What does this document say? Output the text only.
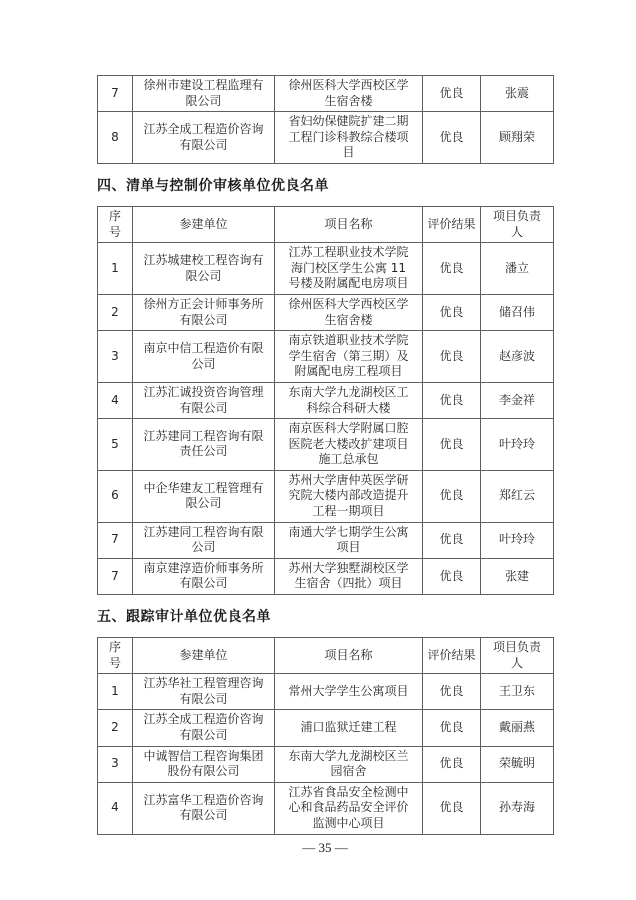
7	徐州市建设工程监理有限公司	徐州医科大学西校区学生宿舍楼	优良	张震
8	江苏全成工程造价咨询有限公司	省妇幼保健院扩建二期工程门诊科教综合楼项目	优良	顾翔荣
四、清单与控制价审核单位优良名单
序号	参建单位	项目名称	评价结果	项目负责人
1	江苏城建校工程咨询有限公司	江苏工程职业技术学院海门校区学生公寓 11 号楼及附属配电房项目	优良	潘立
2	徐州方正会计师事务所有限公司	徐州医科大学西校区学生宿舍楼	优良	储召伟
3	南京中信工程造价有限公司	南京铁道职业技术学院学生宿舍（第三期）及附属配电房工程项目	优良	赵彦波
4	江苏汇诚投资咨询管理有限公司	东南大学九龙湖校区工科综合科研大楼	优良	李金祥
5	江苏建同工程咨询有限责任公司	南京医科大学附属口腔医院老大楼改扩建项目施工总承包	优良	叶玲玲
6	中企华建友工程管理有限公司	苏州大学唐仲英医学研究院大楼内部改造提升工程一期项目	优良	郑红云
7	江苏建同工程咨询有限公司	南通大学七期学生公寓项目	优良	叶玲玲
7	南京建淳造价师事务所有限公司	苏州大学独墅湖校区学生宿舍（四批）项目	优良	张建
五、跟踪审计单位优良名单
序号	参建单位	项目名称	评价结果	项目负责人
1	江苏华社工程管理咨询有限公司	常州大学学生公寓项目	优良	王卫东
2	江苏全成工程造价咨询有限公司	浦口监狱迁建工程	优良	戴丽燕
3	中诚智信工程咨询集团股份有限公司	东南大学九龙湖校区兰园宿舍	优良	荣毓明
4	江苏富华工程造价咨询有限公司	江苏省食品安全检测中心和食品药品安全评价监测中心项目	优良	孙寿海
— 35 —
